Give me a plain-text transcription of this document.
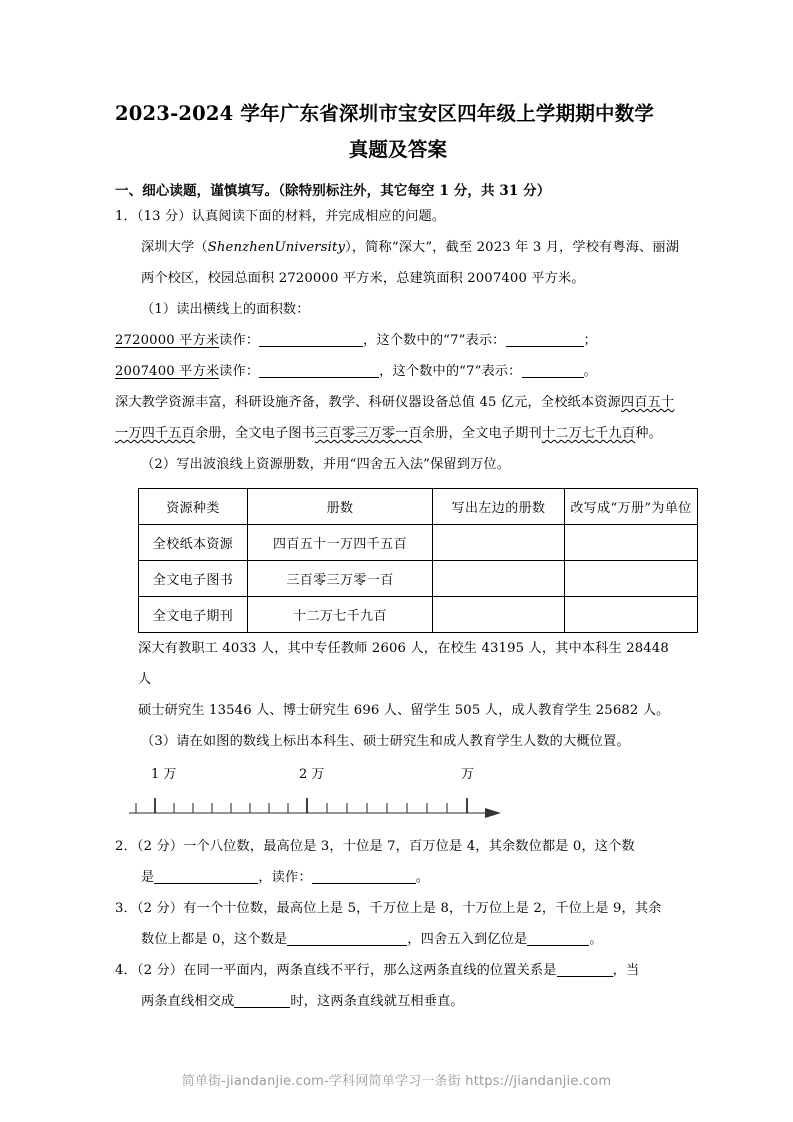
2023-2024 学年广东省深圳市宝安区四年级上学期期中数学
真题及答案
一、细心读题，谨慎填写。（除特别标注外，其它每空 1 分，共 31 分）
1．（13 分）认真阅读下面的材料，并完成相应的问题。
深圳大学（ShenzhenUniversity），简称“深大”，截至 2023 年 3 月，学校有粤海、丽湖
两个校区，校园总面积 2720000 平方米，总建筑面积 2007400 平方米。
（1）读出横线上的面积数：
2720000 平方米读作：	，这个数中的“7”表示：	；
2007400 平方米读作：	，这个数中的“7”表示：	。
深大教学资源丰富，科研设施齐备，教学、科研仪器设备总值 45 亿元，全校纸本资源四百五十一万四千五百余册，全文电子图书三百零三万零一百余册，全文电子期刊十二万七千九百种。
（2）写出波浪线上资源册数，并用“四舍五入法”保留到万位。
资源种类	册数	写出左边的册数	改写成“万册”为单位
全校纸本资源	四百五十一万四千五百		
全文电子图书	三百零三万零一百		
全文电子期刊	十二万七千九百		
深大有教职工 4033 人，其中专任教师 2606 人，在校生 43195 人，其中本科生 28448 人
硕士研究生 13546 人、博士研究生 696 人、留学生 505 人，成人教育学生 25682 人。
（3）请在如图的数线上标出本科生、硕士研究生和成人教育学生人数的大概位置。
1 万	2 万	万
2．（2 分）一个八位数，最高位是 3，十位是 7，百万位是 4，其余数位都是 0，这个数
是	，读作：	。
3．（2 分）有一个十位数，最高位上是 5，千万位上是 8，十万位上是 2，千位上是 9，其余
数位上都是 0，这个数是	，四舍五入到亿位是	。
4．（2 分）在同一平面内，两条直线不平行，那么这两条直线的位置关系是	，当
两条直线相交成	时，这两条直线就互相垂直。
简单街-jiandanjie.com-学科网简单学习一条街 https://jiandanjie.com
